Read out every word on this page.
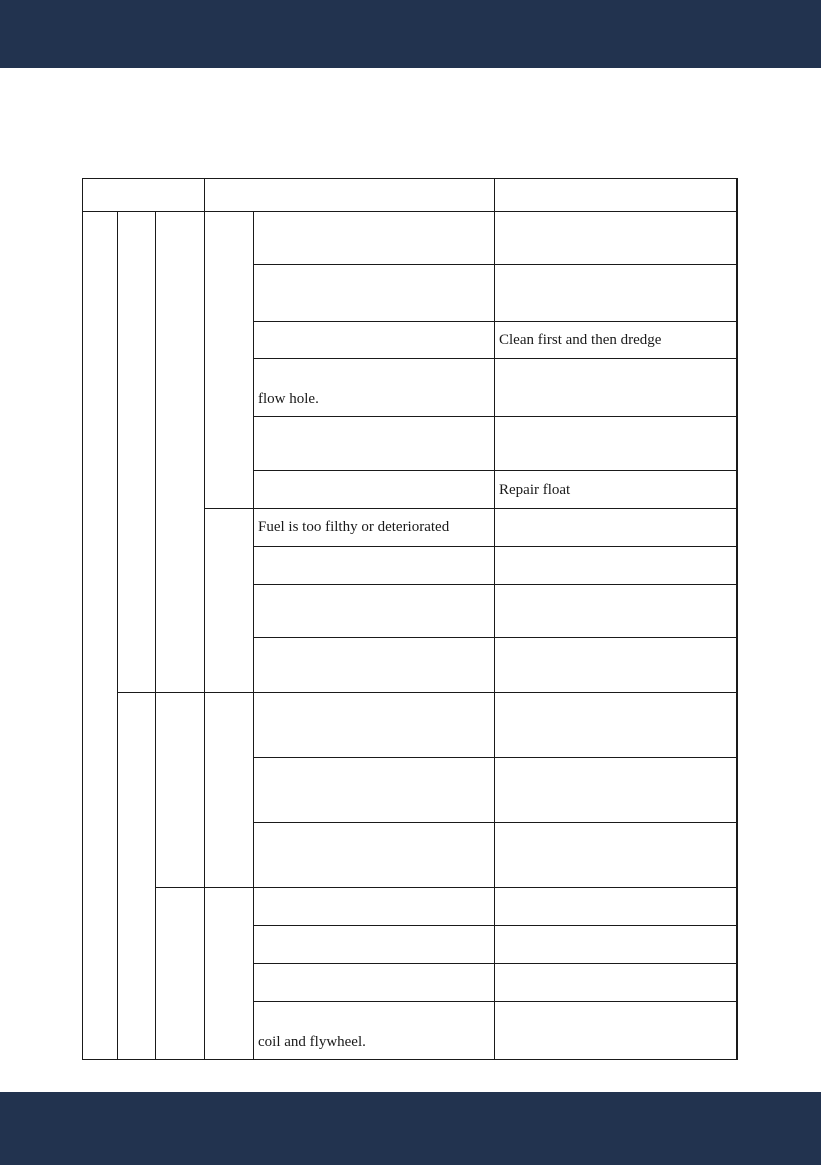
Clean first and then dredge
flow hole.
Repair float
Fuel is too filthy or deteriorated
coil and flywheel.
